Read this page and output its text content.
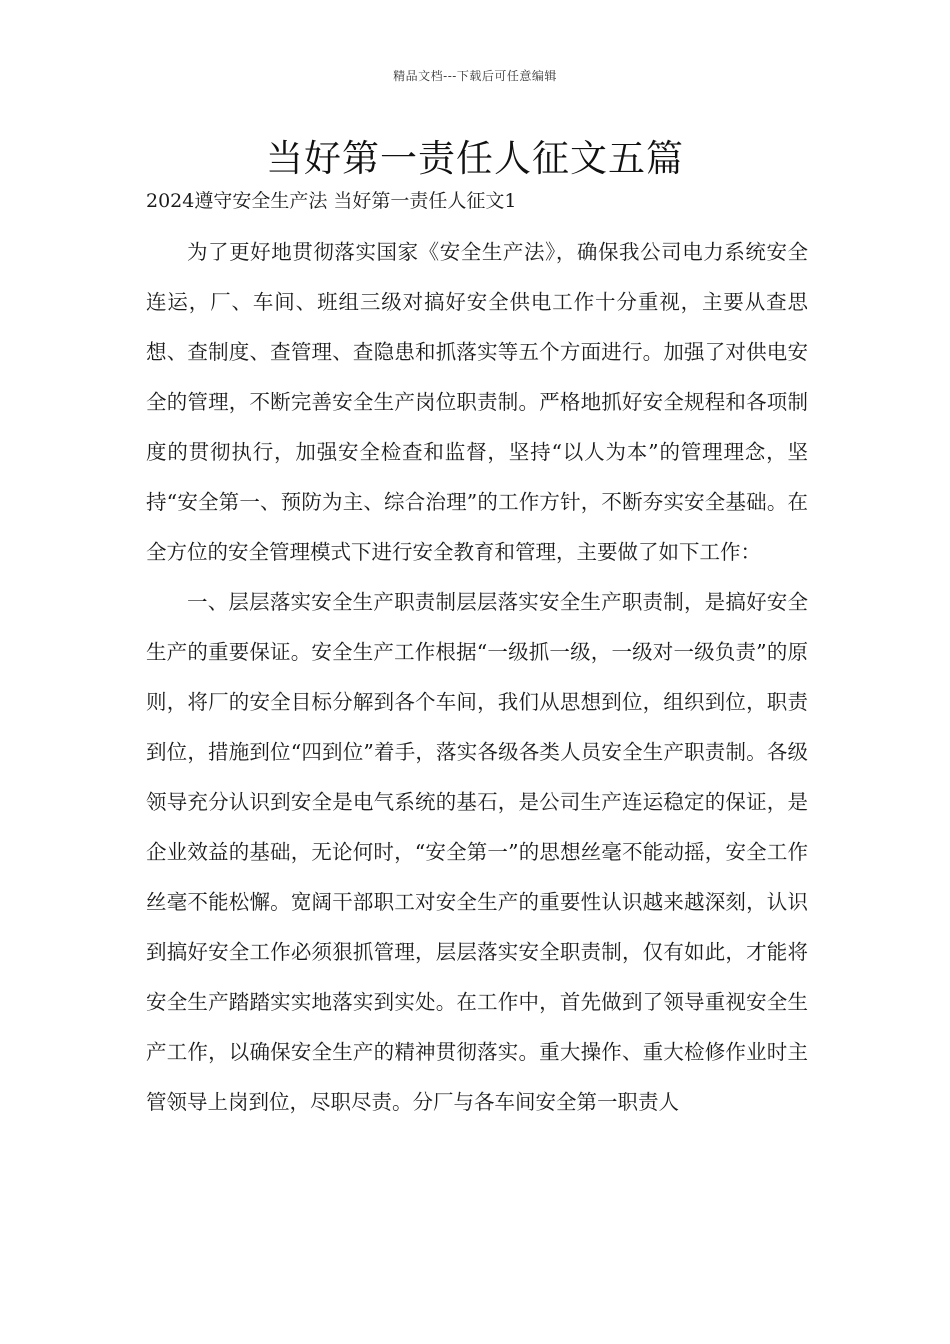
精品文档---下载后可任意编辑
当好第一责任人征文五篇

2024遵守安全生产法 当好第一责任人征文1

为了更好地贯彻落实国家《安全生产法》，确保我公司电力系统安全连运，厂、车间、班组三级对搞好安全供电工作十分重视，主要从查思想、查制度、查管理、查隐患和抓落实等五个方面进行。加强了对供电安全的管理，不断完善安全生产岗位职责制。严格地抓好安全规程和各项制度的贯彻执行，加强安全检查和监督，坚持“以人为本”的管理理念，坚持“安全第一、预防为主、综合治理”的工作方针，不断夯实安全基础。在全方位的安全管理模式下进行安全教育和管理，主要做了如下工作：

一、层层落实安全生产职责制层层落实安全生产职责制，是搞好安全生产的重要保证。安全生产工作根据“一级抓一级，一级对一级负责”的原则，将厂的安全目标分解到各个车间，我们从思想到位，组织到位，职责到位，措施到位“四到位”着手，落实各级各类人员安全生产职责制。各级领导充分认识到安全是电气系统的基石，是公司生产连运稳定的保证，是企业效益的基础，无论何时，“安全第一”的思想丝毫不能动摇，安全工作丝毫不能松懈。宽阔干部职工对安全生产的重要性认识越来越深刻，认识到搞好安全工作必须狠抓管理，层层落实安全职责制，仅有如此，才能将安全生产踏踏实实地落实到实处。在工作中，首先做到了领导重视安全生产工作，以确保安全生产的精神贯彻落实。重大操作、重大检修作业时主管领导上岗到位，尽职尽责。分厂与各车间安全第一职责人
